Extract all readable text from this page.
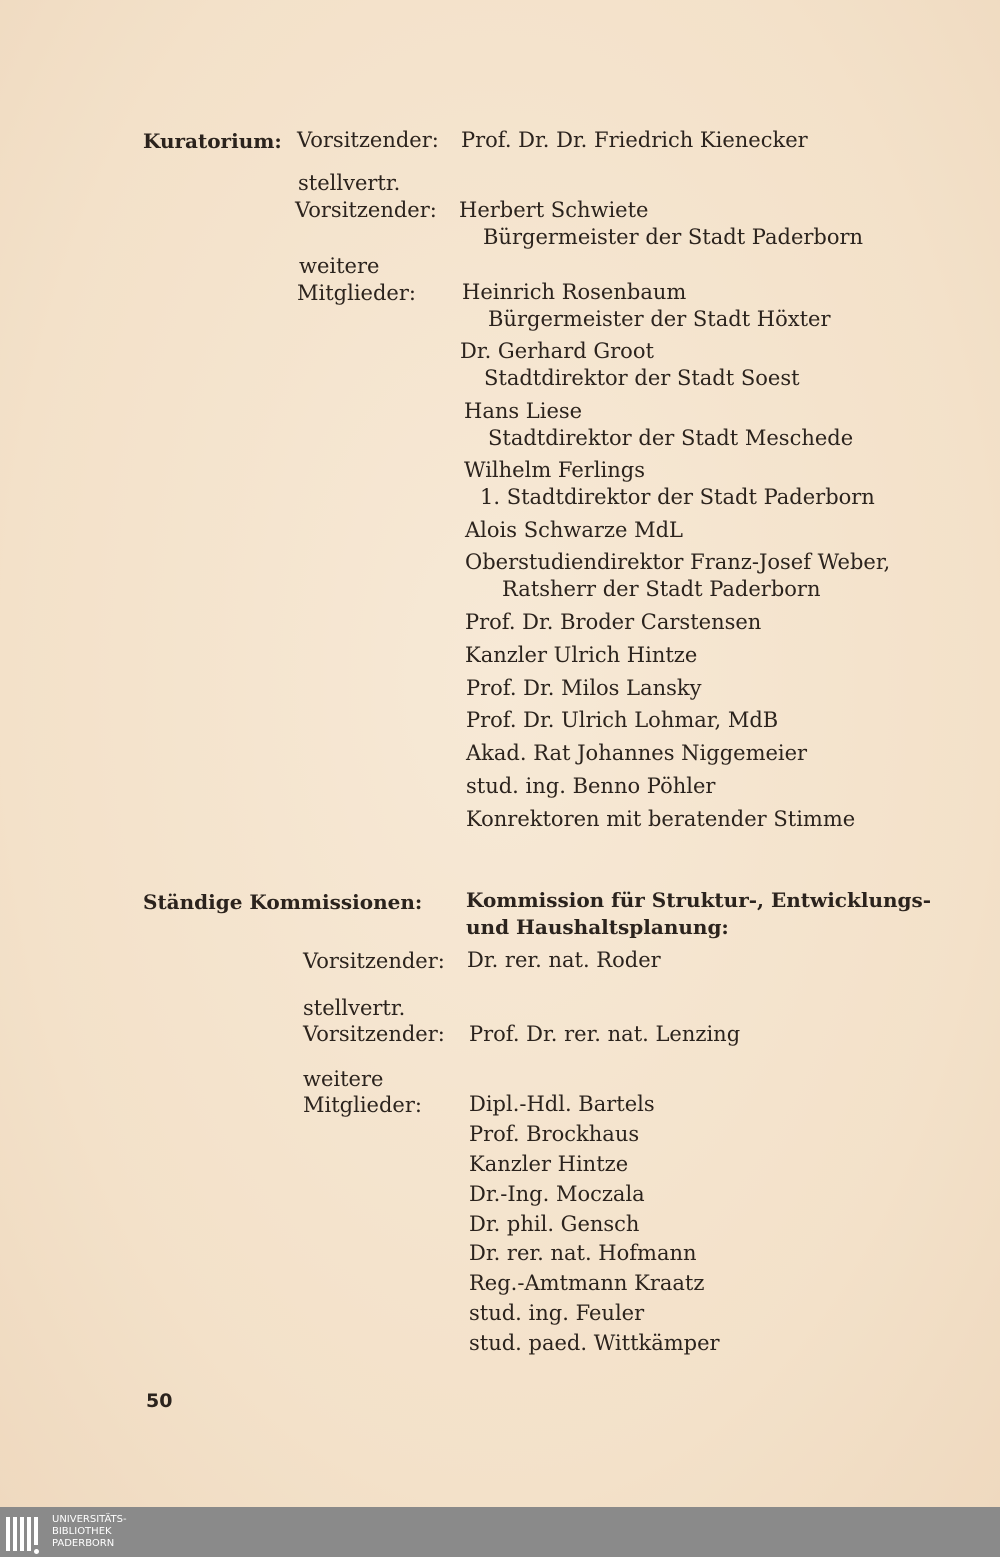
Kuratorium: Vorsitzender: Prof. Dr. Dr. Friedrich Kienecker
stellvertr.
Vorsitzender: Herbert Schwiete
Bürgermeister der Stadt Paderborn
weitere
Mitglieder: Heinrich Rosenbaum
Bürgermeister der Stadt Höxter
Dr. Gerhard Groot
Stadtdirektor der Stadt Soest
Hans Liese
Stadtdirektor der Stadt Meschede
Wilhelm Ferlings
1. Stadtdirektor der Stadt Paderborn
Alois Schwarze MdL
Oberstudiendirektor Franz-Josef Weber,
Ratsherr der Stadt Paderborn
Prof. Dr. Broder Carstensen
Kanzler Ulrich Hintze
Prof. Dr. Milos Lansky
Prof. Dr. Ulrich Lohmar, MdB
Akad. Rat Johannes Niggemeier
stud. ing. Benno Pöhler
Konrektoren mit beratender Stimme
Ständige Kommissionen: Kommission für Struktur-, Entwicklungs-
und Haushaltsplanung:
Vorsitzender: Dr. rer. nat. Roder
stellvertr.
Vorsitzender: Prof. Dr. rer. nat. Lenzing
weitere
Mitglieder: Dipl.-Hdl. Bartels
Prof. Brockhaus
Kanzler Hintze
Dr.-Ing. Moczala
Dr. phil. Gensch
Dr. rer. nat. Hofmann
Reg.-Amtmann Kraatz
stud. ing. Feuler
stud. paed. Wittkämper
50
UNIVERSITÄTS-
BIBLIOTHEK
PADERBORN
